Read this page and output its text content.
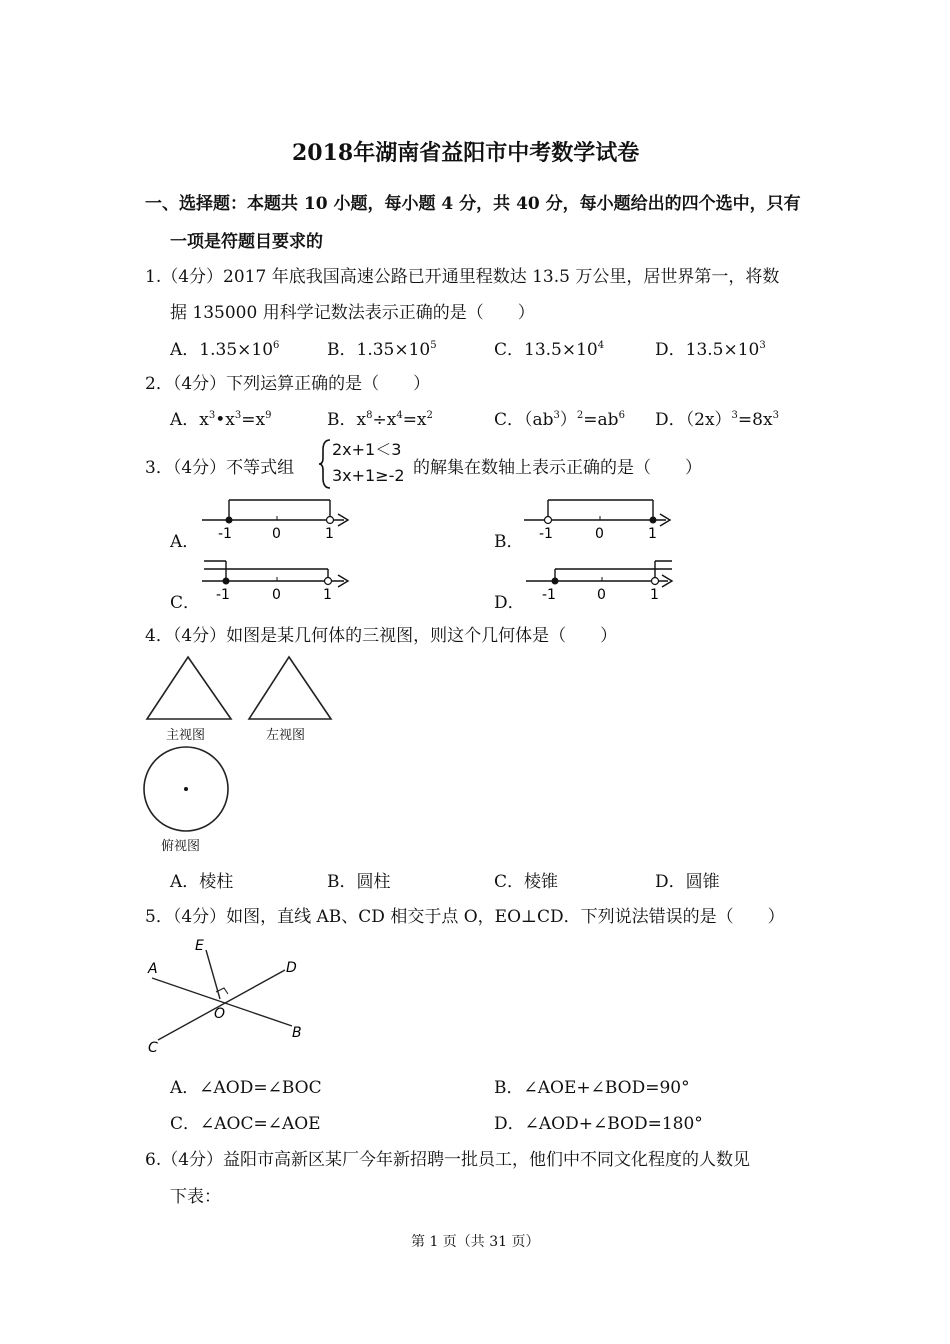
2018年湖南省益阳市中考数学试卷
一、选择题：本题共 10 小题，每小题 4 分，共 40 分，每小题给出的四个选中，只有
一项是符题目要求的
1.（4分）2017 年底我国高速公路已开通里程数达 13.5 万公里，居世界第一，将数
据 135000 用科学记数法表示正确的是（　　）
A．$1.35\times 10^6$	B．$1.35\times 10^5$	C．$13.5\times 10^4$	D．$13.5\times 10^3$
2．（4分）下列运算正确的是（　　）
A．$x^3•x^3=x^9$	B．$x^8\div x^4=x^2$	C．$(ab^3)^2=ab^6$ D．$(2x)^3=8x^3$
3．（4分）不等式组
2x+1＜3
3x+1≥-2 的解集在数轴上表示正确的是（　　）
A．	B．
C．	D．
-1	0	1	-1	0	1
-1	0	1	-1	0	1
4．（4分）如图是某几何体的三视图，则这个几何体是（　　）
主视图	左视图
俯视图
A．棱柱	B．圆柱	C．棱锥	D．圆锥
5．（4分）如图，直线 AB、CD 相交于点 O，EO⊥CD．下列说法错误的是（　　）
E
A	D
O
B
C
A．∠AOD=∠BOC	B．∠AOE+∠BOD=90°
C．∠AOC=∠AOE	D．∠AOD+∠BOD=180°
6.（4分）益阳市高新区某厂今年新招聘一批员工，他们中不同文化程度的人数见
下表：
第 1 页（共 31 页）
